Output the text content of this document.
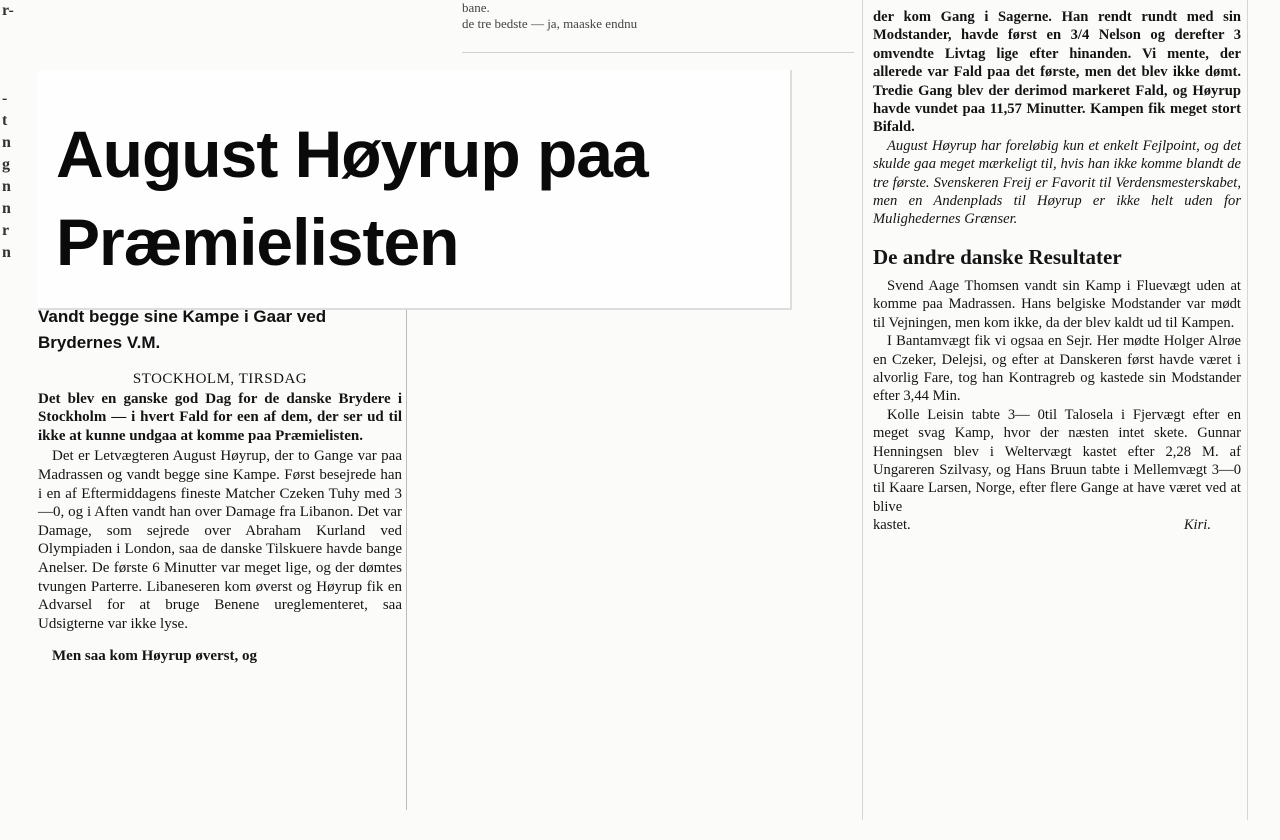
r-

-
t
n
g
n
n
r
n
bane.
de tre bedste — ja, maaske endnu
August Høyrup paa Præmielisten
Vandt begge sine Kampe i Gaar ved Brydernes V.M.
STOCKHOLM, TIRSDAG

Det blev en ganske god Dag for de danske Brydere i Stockholm — i hvert Fald for een af dem, der ser ud til ikke at kunne undgaa at komme paa Præmielisten.

Det er Letvægteren August Høyrup, der to Gange var paa Madrassen og vandt begge sine Kampe. Først besejrede han i en af Eftermiddagens fineste Matcher Czeken Tuhy med 3—0, og i Aften vandt han over Damage fra Libanon. Det var Damage, som sejrede over Abraham Kurland ved Olympiaden i London, saa de danske Tilskuere havde bange Anelser. De første 6 Minutter var meget lige, og der dømtes tvungen Parterre. Libaneseren kom øverst og Høyrup fik en Advarsel for at bruge Benene ureglementeret, saa Udsigterne var ikke lyse.

Men saa kom Høyrup øverst, og

der kom Gang i Sagerne. Han rendt rundt med sin Modstander, havde først en 3/4 Nelson og derefter 3 omvendte Livtag lige efter hinanden. Vi mente, der allerede var Fald paa det første, men det blev ikke dømt. Tredie Gang blev der derimod markeret Fald, og Høyrup havde vundet paa 11,57 Minutter. Kampen fik meget stort Bifald.

August Høyrup har foreløbig kun et enkelt Fejlpoint, og det skulde gaa meget mærkeligt til, hvis han ikke komme blandt de tre første. Svenskeren Freij er Favorit til Verdensmesterskabet, men en Andenplads til Høyrup er ikke helt uden for Mulighedernes Grænser.

De andre danske Resultater

Svend Aage Thomsen vandt sin Kamp i Fluevægt uden at komme paa Madrassen. Hans belgiske Modstander var mødt til Vejningen, men kom ikke, da der blev kaldt ud til Kampen.

I Bantamvægt fik vi ogsaa en Sejr. Her mødte Holger Alrøe en Czeker, Delejsi, og efter at Danskeren først havde været i alvorlig Fare, tog han Kontragreb og kastede sin Modstander efter 3,44 Min.

Kolle Leisin tabte 3— 0til Talosela i Fjervægt efter en meget svag Kamp, hvor der næsten intet skete. Gunnar Henningsen blev i Weltervægt kastet efter 2,28 M. af Ungareren Szilvasy, og Hans Bruun tabte i Mellemvægt 3—0 til Kaare Larsen, Norge, efter flere Gange at have været ved at blive

kastet.	Kiri.
